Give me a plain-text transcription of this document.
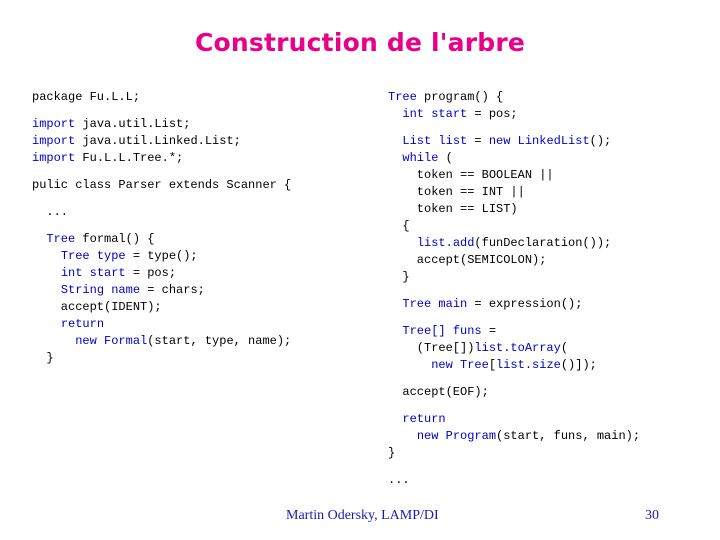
Construction de l'arbre
package Fu.L.L;
import java.util.List;
import java.util.Linked.List;
import Fu.L.L.Tree.*;
pulic class Parser extends Scanner {
...
Tree formal() {
Tree type = type();
int start = pos;
String name = chars;
accept(IDENT);
return
new Formal(start, type, name);
}
Tree program() {
int start = pos;
List list = new LinkedList();
while (
token == BOOLEAN ||
token == INT ||
token == LIST)
{
list.add(funDeclaration());
accept(SEMICOLON);
}
Tree main = expression();
Tree[] funs =
(Tree[])list.toArray(
new Tree[list.size()]);
accept(EOF);
return
new Program(start, funs, main);
}
...
Martin Odersky, LAMP/DI	30
